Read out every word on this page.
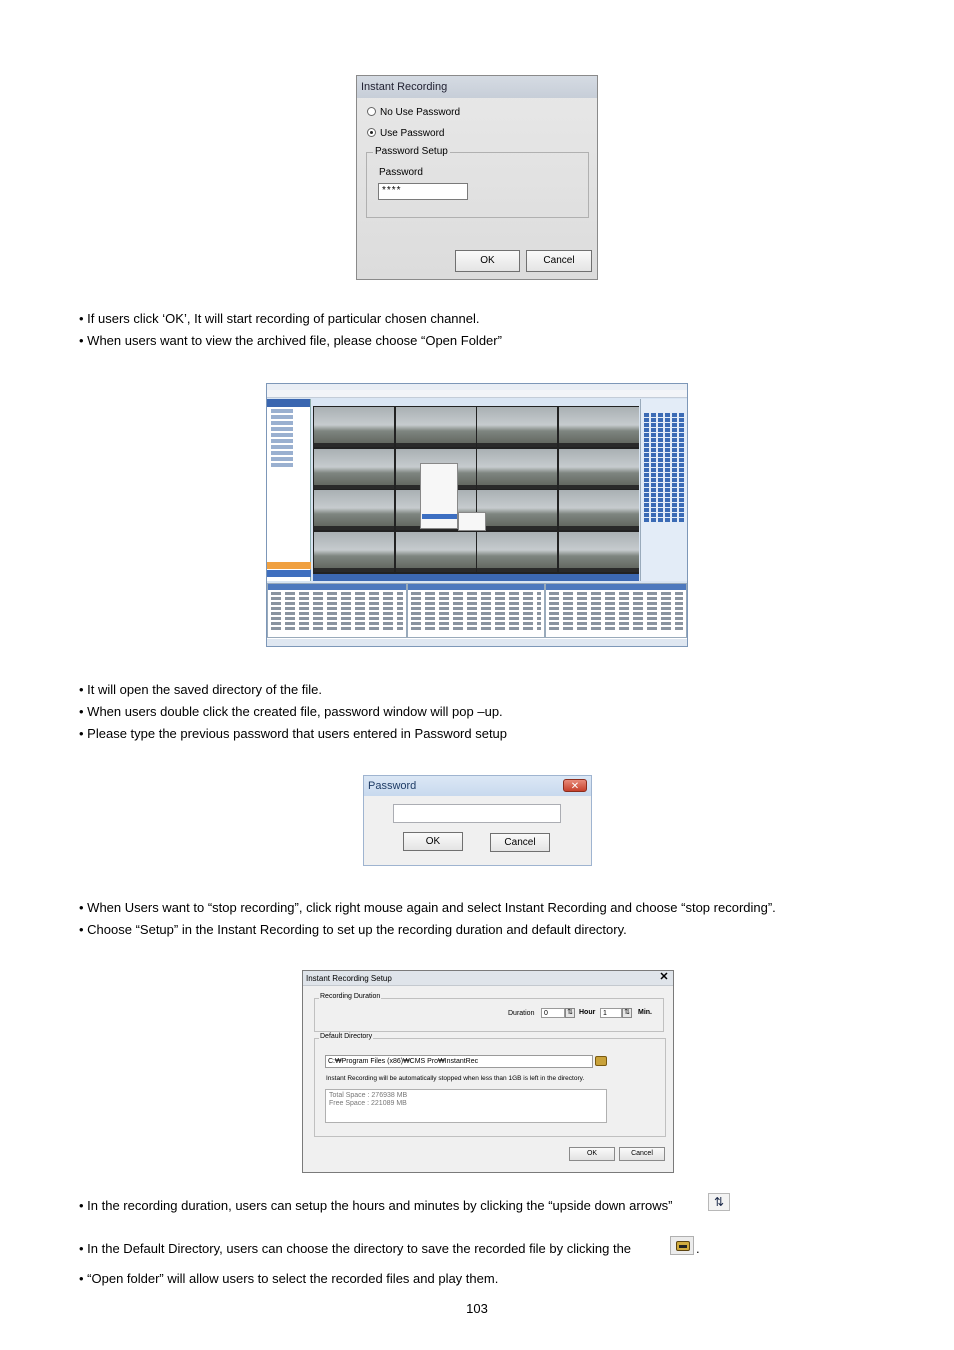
Instant Recording
No Use Password
Use Password
Password Setup
Password
****
OK	Cancel
• If users click ‘OK’, It will start recording of particular chosen channel.
• When users want to view the archived file, please choose “Open Folder”
• It will open the saved directory of the file.
• When users double click the created file, password window will pop –up.
• Please type the previous password that users entered in Password setup
Password	✕
OK	Cancel
• When Users want to “stop recording”, click right mouse again and select Instant Recording and choose “stop recording”.
• Choose “Setup” in the Instant Recording to set up the recording duration and default directory.
Instant Recording Setup	✕
Recording Duration
Duration	0	⇅ Hour	1	⇅ Min.
Default Directory
C:₩Program Files (x86)₩CMS Pro₩InstantRec
Instant Recording will be automatically stopped when less than 1GB is left in the directory.
Total Space : 276938 MB
Free Space : 221089 MB
OK	Cancel
• In the recording duration, users can setup the hours and minutes by clicking the “upside down arrows”	⇅
• In the Default Directory, users can choose the directory to save the recorded file by clicking the	.
• “Open folder” will allow users to select the recorded files and play them.
103
